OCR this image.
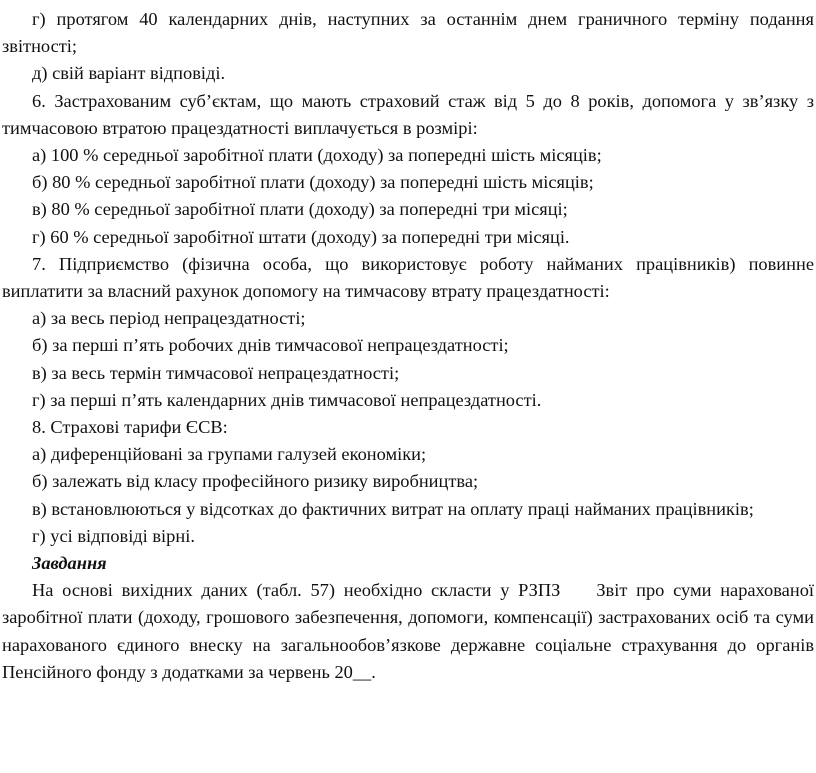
г) протягом 40 календарних днів, наступних за останнім днем граничного терміну подання звітності;

д) свій варіант відповіді.

6. Застрахованим суб’єктам, що мають страховий стаж від 5 до 8 років, допомога у зв’язку з тимчасовою втратою працездатності виплачується в розмірі:

а) 100 % середньої заробітної плати (доходу) за попередні шість місяців;

б) 80 % середньої заробітної плати (доходу) за попередні шість місяців;

в) 80 % середньої заробітної плати (доходу) за попередні три місяці;

г) 60 % середньої заробітної штати (доходу) за попередні три місяці.

7. Підприємство (фізична особа, що використовує роботу найманих працівників) повинне виплатити за власний рахунок допомогу на тимчасову втрату працездатності:

а) за весь період непрацездатності;

б) за перші п’ять робочих днів тимчасової непрацездатності;

в) за весь термін тимчасової непрацездатності;

г) за перші п’ять календарних днів тимчасової непрацездатності.

8. Страхові тарифи ЄСВ:

а) диференційовані за групами галузей економіки;

б) залежать від класу професійного ризику виробництва;

в) встановлюються у відсотках до фактичних витрат на оплату праці найманих працівників;

г) усі відповіді вірні.

Завдання

На основі вихідних даних (табл. 57) необхідно скласти у РЗПЗ Звіт про суми нарахованої заробітної плати (доходу, грошового забезпечення, допомоги, компенсації) застрахованих осіб та суми нарахованого єдиного внеску на загальнообов’язкове державне соціальне страхування до органів Пенсійного фонду з додатками за червень 20__.
